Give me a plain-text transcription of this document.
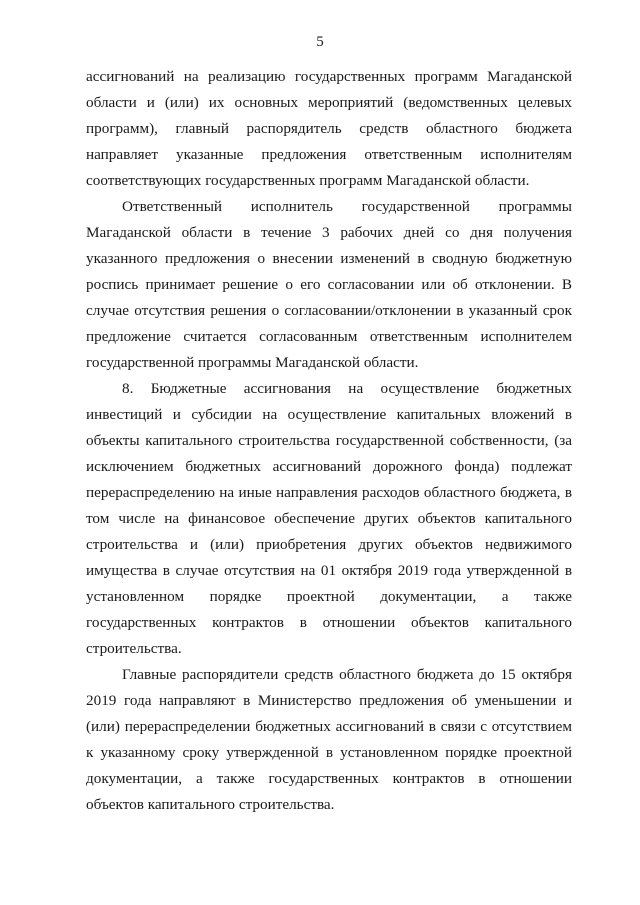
5

ассигнований на реализацию государственных программ Магаданской области и (или) их основных мероприятий (ведомственных целевых программ), главный распорядитель средств областного бюджета направляет указанные предложения ответственным исполнителям соответствующих государственных программ Магаданской области.

Ответственный исполнитель государственной программы Магаданской области в течение 3 рабочих дней со дня получения указанного предложения о внесении изменений в сводную бюджетную роспись принимает решение о его согласовании или об отклонении. В случае отсутствия решения о согласовании/отклонении в указанный срок предложение считается согласованным ответственным исполнителем государственной программы Магаданской области.

8. Бюджетные ассигнования на осуществление бюджетных инвестиций и субсидии на осуществление капитальных вложений в объекты капитального строительства государственной собственности, (за исключением бюджетных ассигнований дорожного фонда) подлежат перераспределению на иные направления расходов областного бюджета, в том числе на финансовое обеспечение других объектов капитального строительства и (или) приобретения других объектов недвижимого имущества в случае отсутствия на 01 октября 2019 года утвержденной в установленном порядке проектной документации, а также государственных контрактов в отношении объектов капитального строительства.

Главные распорядители средств областного бюджета до 15 октября 2019 года направляют в Министерство предложения об уменьшении и (или) перераспределении бюджетных ассигнований в связи с отсутствием к указанному сроку утвержденной в установленном порядке проектной документации, а также государственных контрактов в отношении объектов капитального строительства.
